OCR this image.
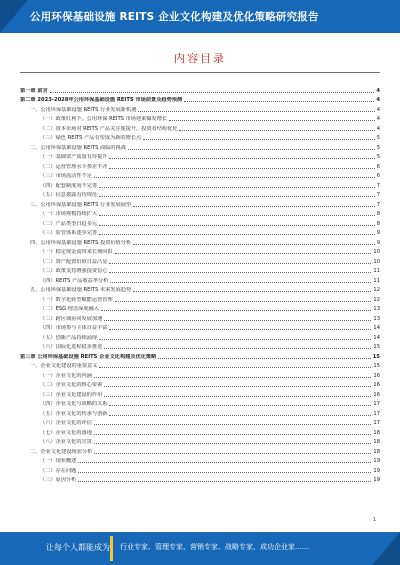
公用环保基础设施 REITS 企业文化构建及优化策略研究报告
内容目录
第一章 前言	4
第二章 2023-2028年公用环保基础设施 REITS 市场前景及趋势预测	4
一、公用环保基础设施 REITS 行业发展新机遇	4
（一）政策红利下，公用环保 REITS 市场迎来爆发增长	4
（二）资本市场对 REITS 产品关注度提升，投资者结构优化	4
（三）绿色 REITS 产品有望成为新的增长点	5
二、公用环保基础设施 REITS 面临的挑战	5
（一）基础资产质量有待提升	5
（二）运营管理水平参差不齐	6
（三）市场流动性不足	6
（四）配套制度尚不完善	7
（五）信息披露有待规范	7
三、公用环保基础设施 REITS 行业发展展望	7
（一）市场规模持续扩大	8
（二）产品类型日趋多元	8
（三）监管体系逐步完善	9
四、公用环保基础设施 REITS 投资价值分析	9
（一）稳定现金流带来长期回报	10
（二）资产配置价值日益凸显	10
（三）政策支持增强投资信心	11
（四）REITS 产品收益率分析	11
五、公用环保基础设施 REITS 未来发展趋势	12
（一）数字化转型赋能运营管理	12
（二）ESG 理念深度融入	13
（三）跨区域协同发展加速	13
（四）市场参与主体日益丰富	14
（五）创新产品持续涌现	14
（六）国际化进程稳步推进	15
第三章 公用环保基础设施 REITS 企业文化构建及优化策略	15
一、企业文化建设的重要意义	15
（一）企业文化的内涵	16
（二）企业文化的核心要素	16
（三）企业文化建设的作用	16
（四）企业文化与战略的关系	17
（五）企业文化的传承与创新	17
（六）企业文化的评估	17
（七）企业文化的落地	18
（八）企业文化的宣贯	18
二、企业文化建设现状分析	18
（一）现状概述	19
（二）存在问题	19
（三）原因分析	19
1
让每个人都能成为 行业专家、管理专家、营销专家、战略专家、成功企业家……
